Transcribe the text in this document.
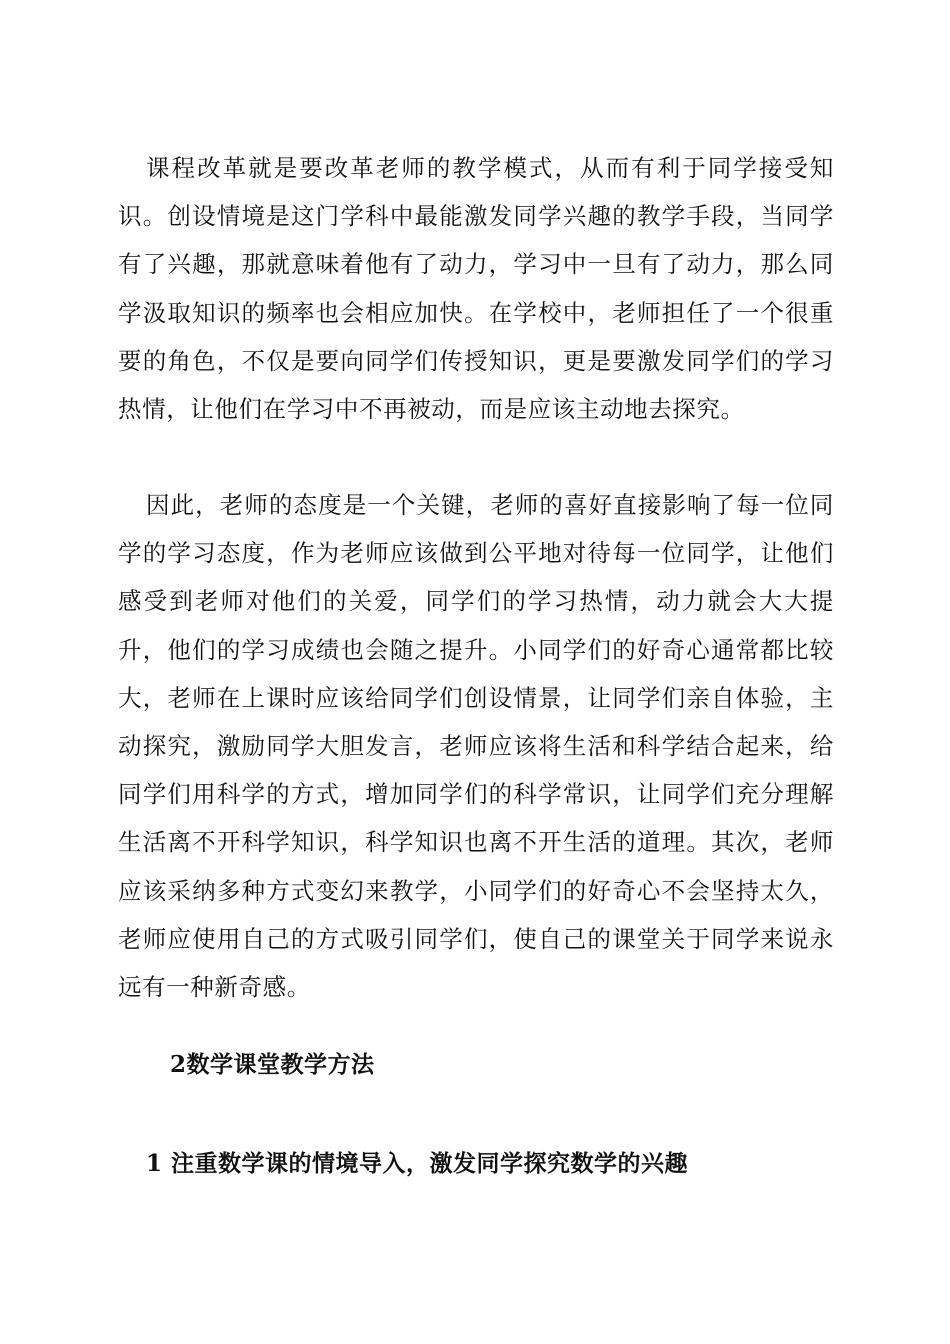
课程改革就是要改革老师的教学模式，从而有利于同学接受知识。创设情境是这门学科中最能激发同学兴趣的教学手段，当同学有了兴趣，那就意味着他有了动力，学习中一旦有了动力，那么同学汲取知识的频率也会相应加快。在学校中，老师担任了一个很重要的角色，不仅是要向同学们传授知识，更是要激发同学们的学习热情，让他们在学习中不再被动，而是应该主动地去探究。

因此，老师的态度是一个关键，老师的喜好直接影响了每一位同学的学习态度，作为老师应该做到公平地对待每一位同学，让他们感受到老师对他们的关爱，同学们的学习热情，动力就会大大提升，他们的学习成绩也会随之提升。小同学们的好奇心通常都比较大，老师在上课时应该给同学们创设情景，让同学们亲自体验，主动探究，激励同学大胆发言，老师应该将生活和科学结合起来，给同学们用科学的方式，增加同学们的科学常识，让同学们充分理解生活离不开科学知识，科学知识也离不开生活的道理。其次，老师应该采纳多种方式变幻来教学，小同学们的好奇心不会坚持太久，老师应使用自己的方式吸引同学们，使自己的课堂关于同学来说永远有一种新奇感。

2数学课堂教学方法
1 注重数学课的情境导入，激发同学探究数学的兴趣
